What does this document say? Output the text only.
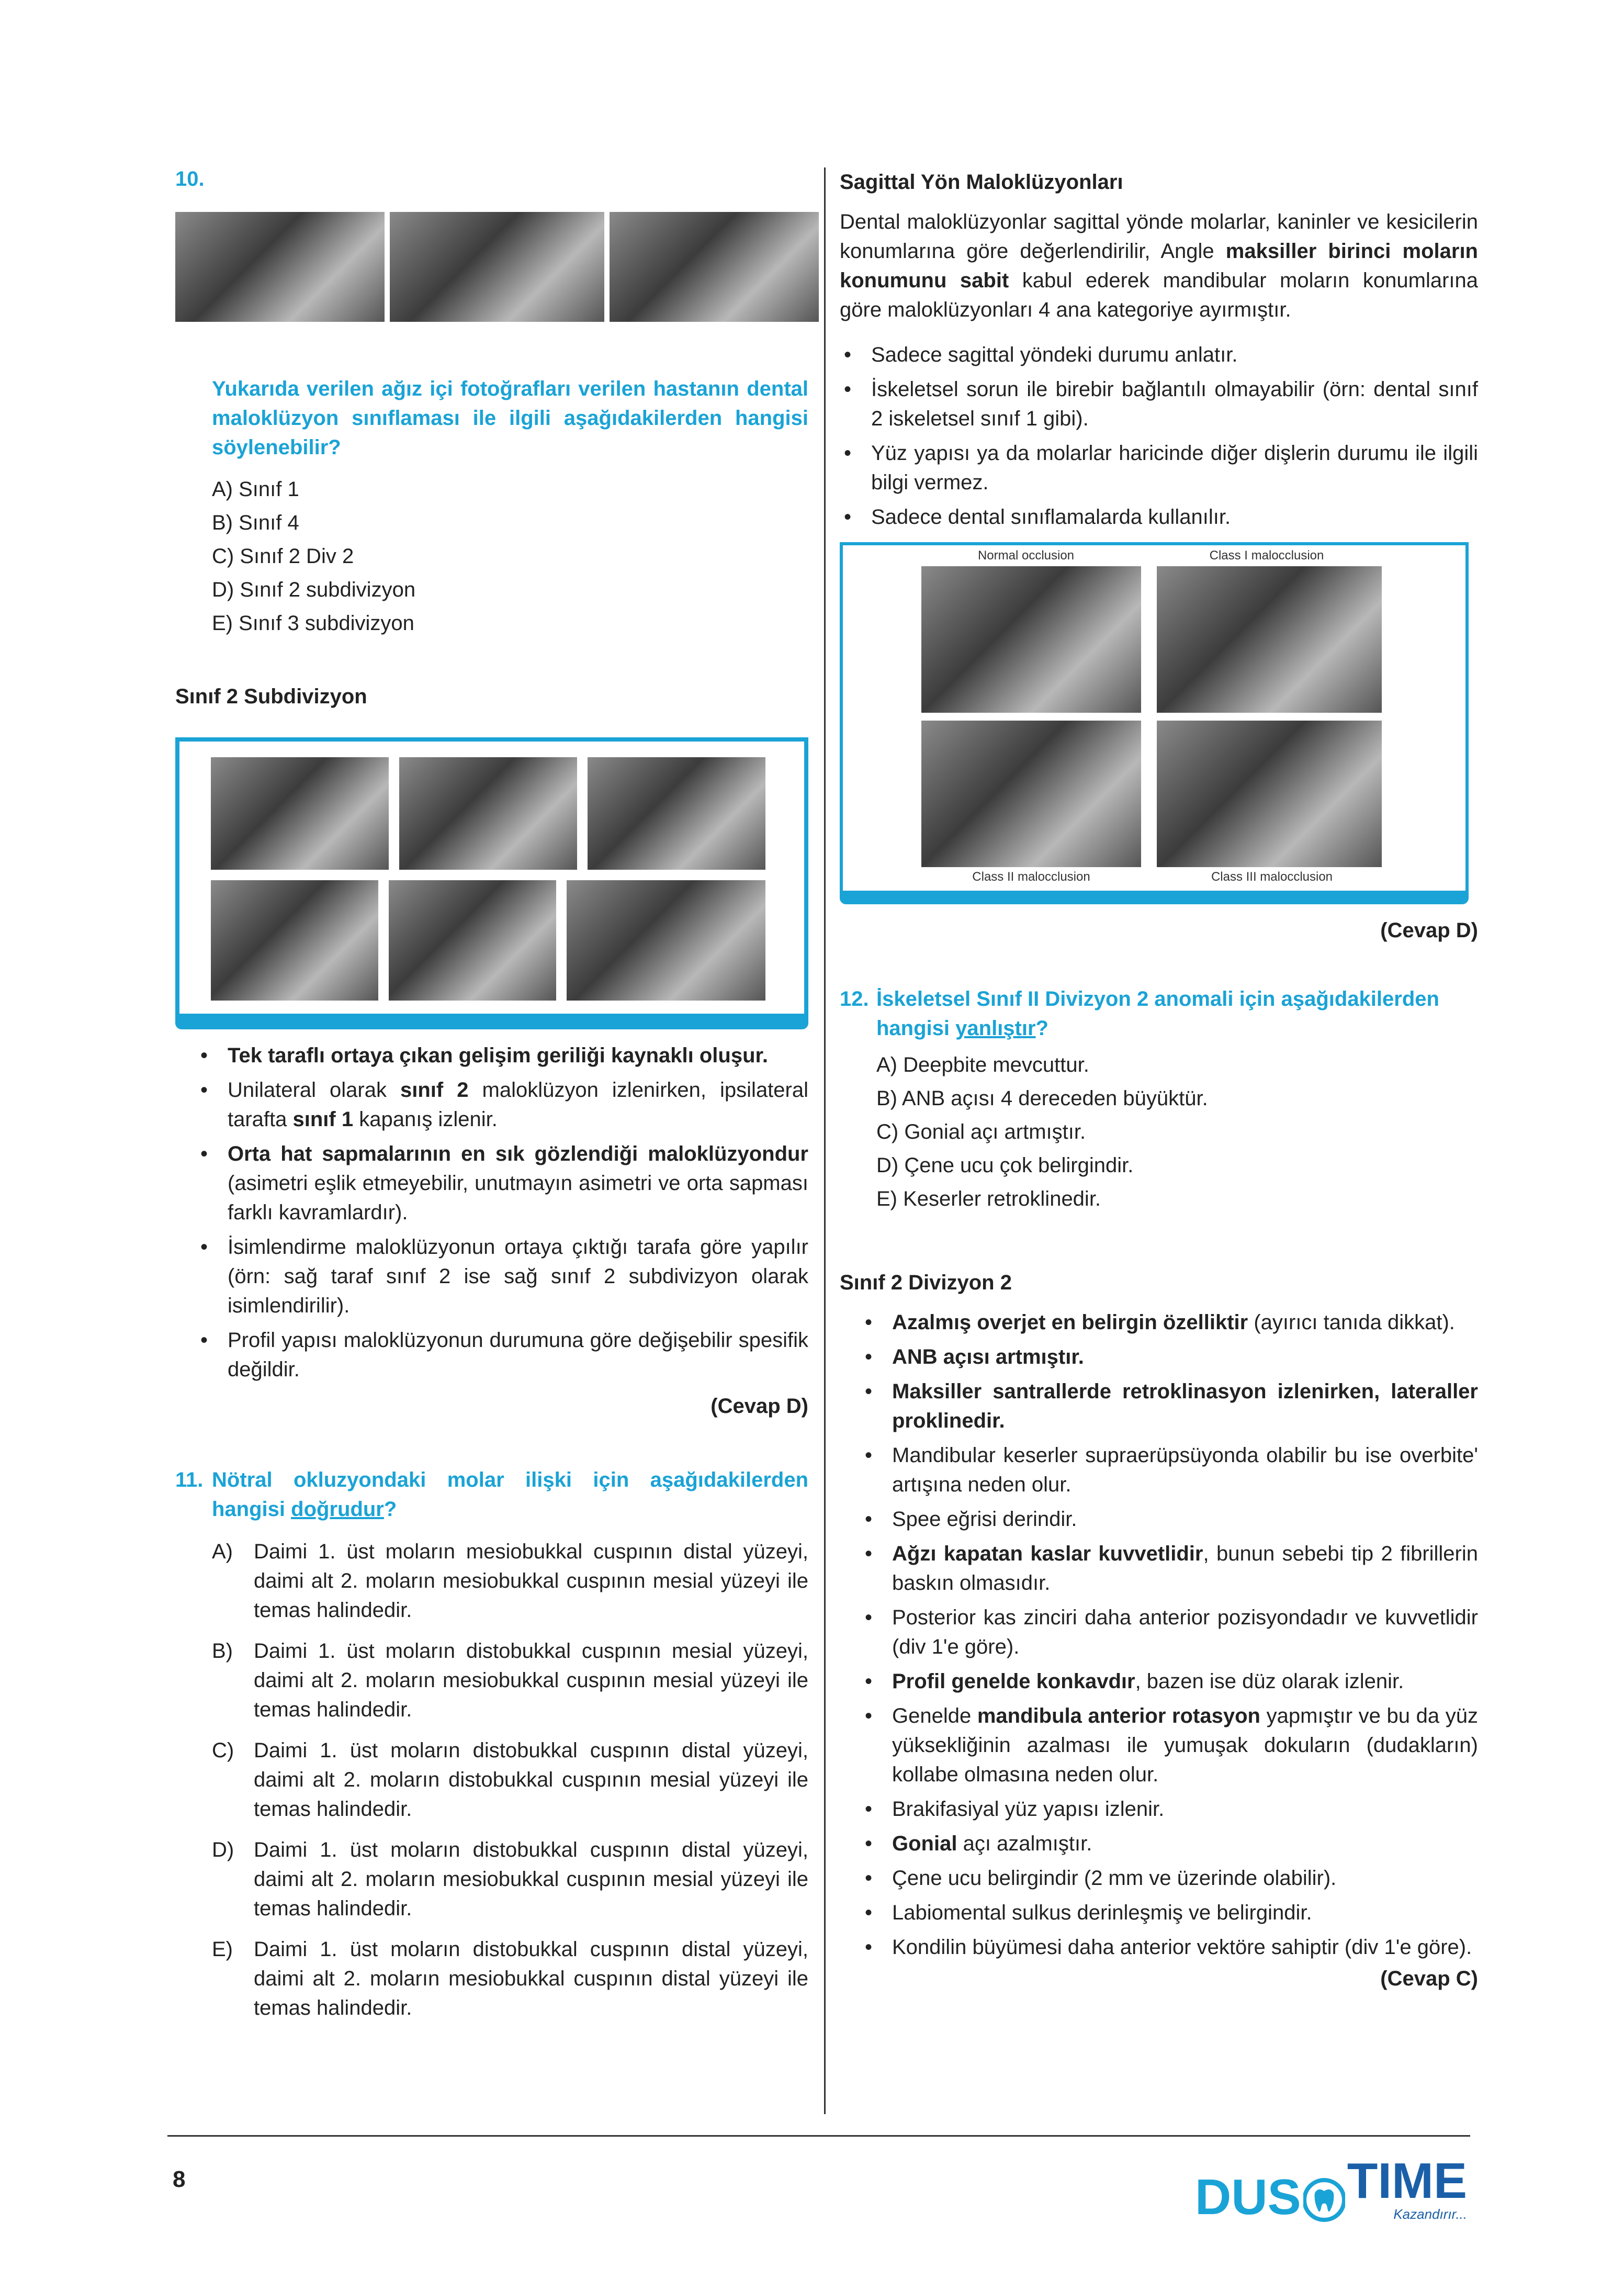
10.
Yukarıda verilen ağız içi fotoğrafları verilen hastanın dental maloklüzyon sınıflaması ile ilgili aşağıdakilerden hangisi söylenebilir?
A) Sınıf 1
B) Sınıf 4
C) Sınıf 2 Div 2
D) Sınıf 2 subdivizyon
E) Sınıf 3 subdivizyon
Sınıf 2 Subdivizyon
• Tek taraflı ortaya çıkan gelişim geriliği kaynaklı oluşur.
• Unilateral olarak sınıf 2 maloklüzyon izlenirken, ipsilateral tarafta sınıf 1 kapanış izlenir.
• Orta hat sapmalarının en sık gözlendiği maloklüzyondur (asimetri eşlik etmeyebilir, unutmayın asimetri ve orta sapması farklı kavramlardır).
• İsimlendirme maloklüzyonun ortaya çıktığı tarafa göre yapılır (örn: sağ taraf sınıf 2 ise sağ sınıf 2 subdivizyon olarak isimlendirilir).
• Profil yapısı maloklüzyonun durumuna göre değişebilir spesifik değildir.
(Cevap D)
11. Nötral okluzyondaki molar ilişki için aşağıdakilerden hangisi doğrudur?
A)	Daimi 1. üst moların mesiobukkal cuspının distal yüzeyi, daimi alt 2. moların mesiobukkal cuspının mesial yüzeyi ile temas halindedir.
B)	Daimi 1. üst moların distobukkal cuspının mesial yüzeyi, daimi alt 2. moların mesiobukkal cuspının mesial yüzeyi ile temas halindedir.
C) Daimi 1. üst moların distobukkal cuspının distal yüzeyi, daimi alt 2. moların distobukkal cuspının mesial yüzeyi ile temas halindedir.
D) Daimi 1. üst moların distobukkal cuspının distal yüzeyi, daimi alt 2. moların mesiobukkal cuspının mesial yüzeyi ile temas halindedir.
E)	Daimi 1. üst moların distobukkal cuspının distal yüzeyi, daimi alt 2. moların mesiobukkal cuspının distal yüzeyi ile temas halindedir.
Sagittal Yön Maloklüzyonları
Dental maloklüzyonlar sagittal yönde molarlar, kaninler ve kesicilerin konumlarına göre değerlendirilir, Angle maksiller birinci moların konumunu sabit kabul ederek mandibular moların konumlarına göre maloklüzyonları 4 ana kategoriye ayırmıştır.
• Sadece sagittal yöndeki durumu anlatır.
• İskeletsel sorun ile birebir bağlantılı olmayabilir (örn: dental sınıf 2 iskeletsel sınıf 1 gibi).
• Yüz yapısı ya da molarlar haricinde diğer dişlerin durumu ile ilgili bilgi vermez.
• Sadece dental sınıflamalarda kullanılır.
Normal occlusion	Class I malocclusion
Class II malocclusion	Class III malocclusion
(Cevap D)
12. İskeletsel Sınıf II Divizyon 2 anomali için aşağıdakilerden hangisi yanlıştır?
A) Deepbite mevcuttur.
B) ANB açısı 4 dereceden büyüktür.
C) Gonial açı artmıştır.
D) Çene ucu çok belirgindir.
E) Keserler retroklinedir.
Sınıf 2 Divizyon 2
• Azalmış overjet en belirgin özelliktir (ayırıcı tanıda dikkat).
• ANB açısı artmıştır.
• Maksiller santrallerde retroklinasyon izlenirken, lateraller proklinedir.
• Mandibular keserler supraerüpsüyonda olabilir bu ise overbite' artışına neden olur.
• Spee eğrisi derindir.
• Ağzı kapatan kaslar kuvvetlidir, bunun sebebi tip 2 fibrillerin baskın olmasıdır.
• Posterior kas zinciri daha anterior pozisyondadır ve kuvvetlidir (div 1'e göre).
• Profil genelde konkavdır, bazen ise düz olarak izlenir.
• Genelde mandibula anterior rotasyon yapmıştır ve bu da yüz yüksekliğinin azalması ile yumuşak dokuların (dudakların) kollabe olmasına neden olur.
• Brakifasiyal yüz yapısı izlenir.
• Gonial açı azalmıştır.
• Çene ucu belirgindir (2 mm ve üzerinde olabilir).
• Labiomental sulkus derinleşmiş ve belirgindir.
• Kondilin büyümesi daha anterior vektöre sahiptir (div 1'e göre).
(Cevap C)
8	DUS TIME
Kazandırır...
